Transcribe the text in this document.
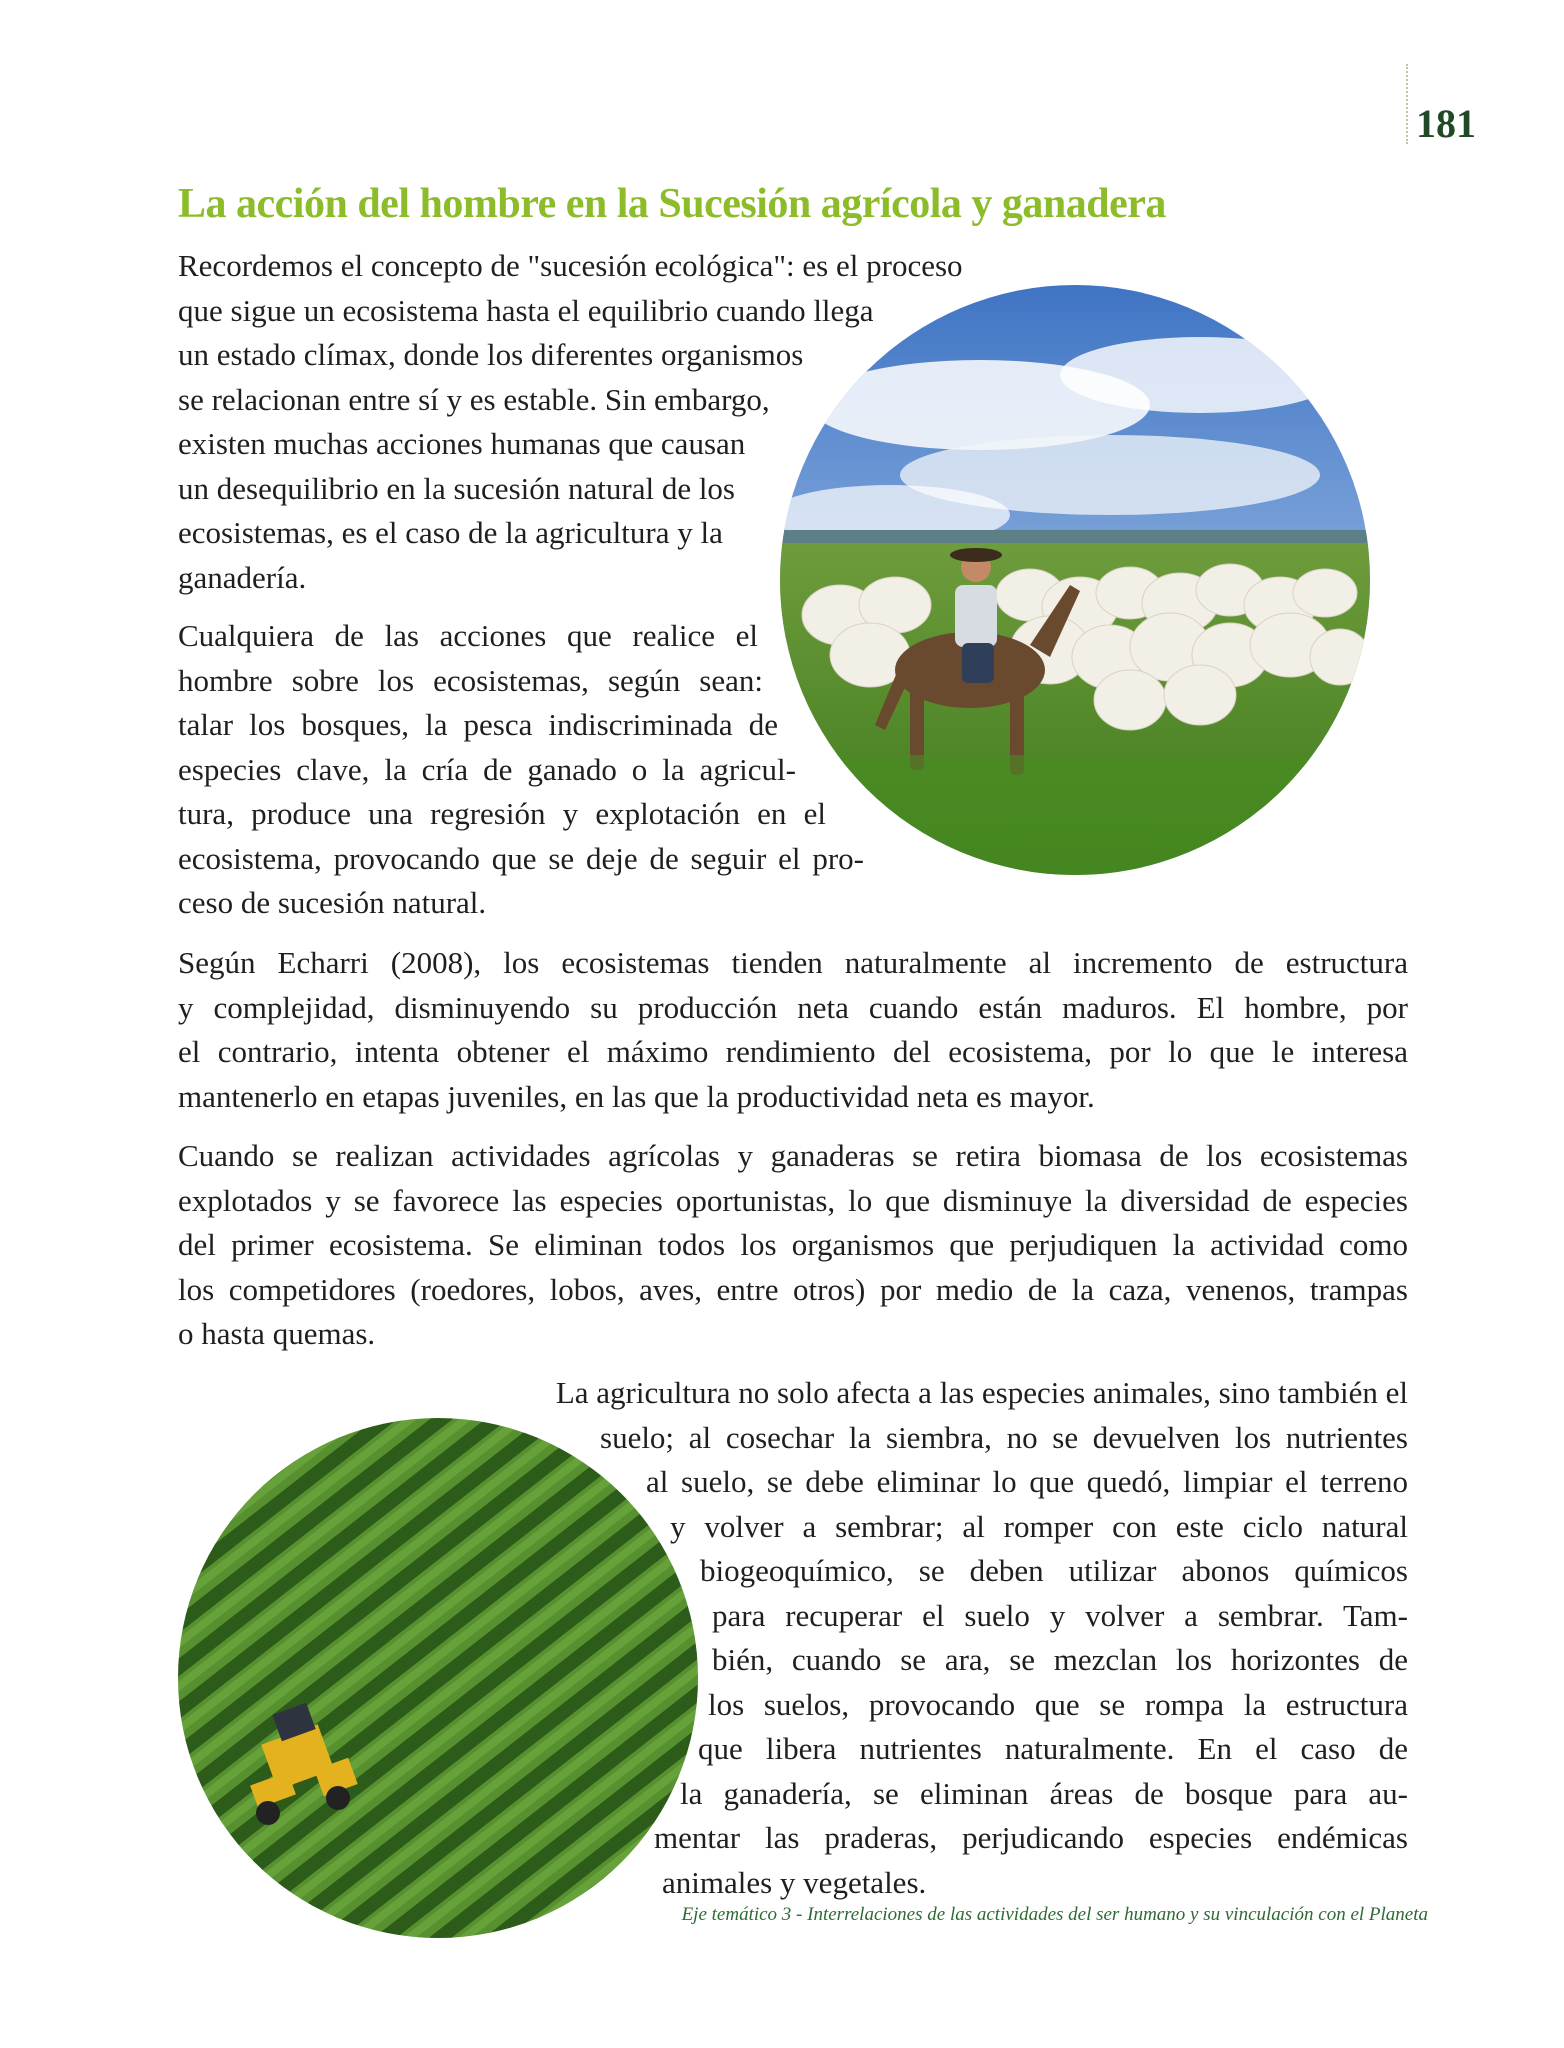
181
La acción del hombre en la Sucesión agrícola y ganadera

Recordemos el concepto de "sucesión ecológica": es el proceso
que sigue un ecosistema hasta el equilibrio cuando llega
un estado clímax, donde los diferentes organismos
se relacionan entre sí y es estable. Sin embargo,
existen muchas acciones humanas que causan
un desequilibrio en la sucesión natural de los
ecosistemas, es el caso de la agricultura y la
ganadería.

Cualquiera de las acciones que realice el
hombre sobre los ecosistemas, según sean:
talar los bosques, la pesca indiscriminada de
especies clave, la cría de ganado o la agricul-
tura, produce una regresión y explotación en el
ecosistema, provocando que se deje de seguir el pro-
ceso de sucesión natural.

Según Echarri (2008), los ecosistemas tienden naturalmente al incremento de estructura
y complejidad, disminuyendo su producción neta cuando están maduros. El hombre, por
el contrario, intenta obtener el máximo rendimiento del ecosistema, por lo que le interesa
mantenerlo en etapas juveniles, en las que la productividad neta es mayor.

Cuando se realizan actividades agrícolas y ganaderas se retira biomasa de los ecosistemas
explotados y se favorece las especies oportunistas, lo que disminuye la diversidad de especies
del primer ecosistema. Se eliminan todos los organismos que perjudiquen la actividad como
los competidores (roedores, lobos, aves, entre otros) por medio de la caza, venenos, trampas
o hasta quemas.

La agricultura no solo afecta a las especies animales, sino también el
suelo; al cosechar la siembra, no se devuelven los nutrientes
al suelo, se debe eliminar lo que quedó, limpiar el terreno
y volver a sembrar; al romper con este ciclo natural
biogeoquímico, se deben utilizar abonos químicos
para recuperar el suelo y volver a sembrar. Tam-
bién, cuando se ara, se mezclan los horizontes de
los suelos, provocando que se rompa la estructura
que libera nutrientes naturalmente. En el caso de
la ganadería, se eliminan áreas de bosque para au-
mentar las praderas, perjudicando especies endémicas
animales y vegetales.

Eje temático 3 - Interrelaciones de las actividades del ser humano y su vinculación con el Planeta
